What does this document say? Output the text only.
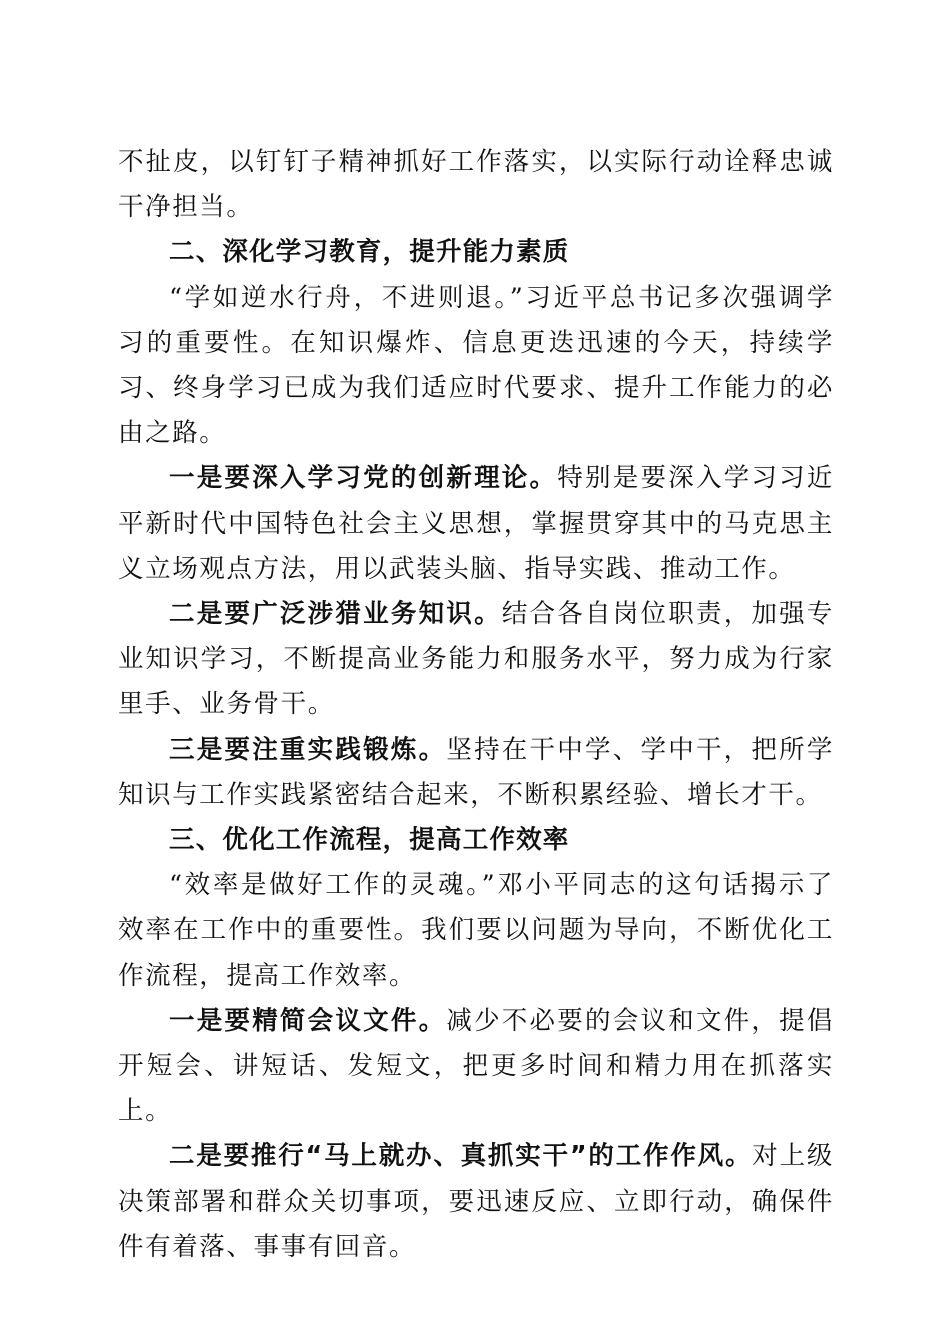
不扯皮，以钉钉子精神抓好工作落实，以实际行动诠释忠诚干净担当。

二、深化学习教育，提升能力素质

“学如逆水行舟，不进则退。”习近平总书记多次强调学习的重要性。在知识爆炸、信息更迭迅速的今天，持续学习、终身学习已成为我们适应时代要求、提升工作能力的必由之路。

一是要深入学习党的创新理论。特别是要深入学习习近平新时代中国特色社会主义思想，掌握贯穿其中的马克思主义立场观点方法，用以武装头脑、指导实践、推动工作。

二是要广泛涉猎业务知识。结合各自岗位职责，加强专业知识学习，不断提高业务能力和服务水平，努力成为行家里手、业务骨干。

三是要注重实践锻炼。坚持在干中学、学中干，把所学知识与工作实践紧密结合起来，不断积累经验、增长才干。

三、优化工作流程，提高工作效率

“效率是做好工作的灵魂。”邓小平同志的这句话揭示了效率在工作中的重要性。我们要以问题为导向，不断优化工作流程，提高工作效率。

一是要精简会议文件。减少不必要的会议和文件，提倡开短会、讲短话、发短文，把更多时间和精力用在抓落实上。

二是要推行“马上就办、真抓实干”的工作作风。对上级决策部署和群众关切事项，要迅速反应、立即行动，确保件件有着落、事事有回音。
